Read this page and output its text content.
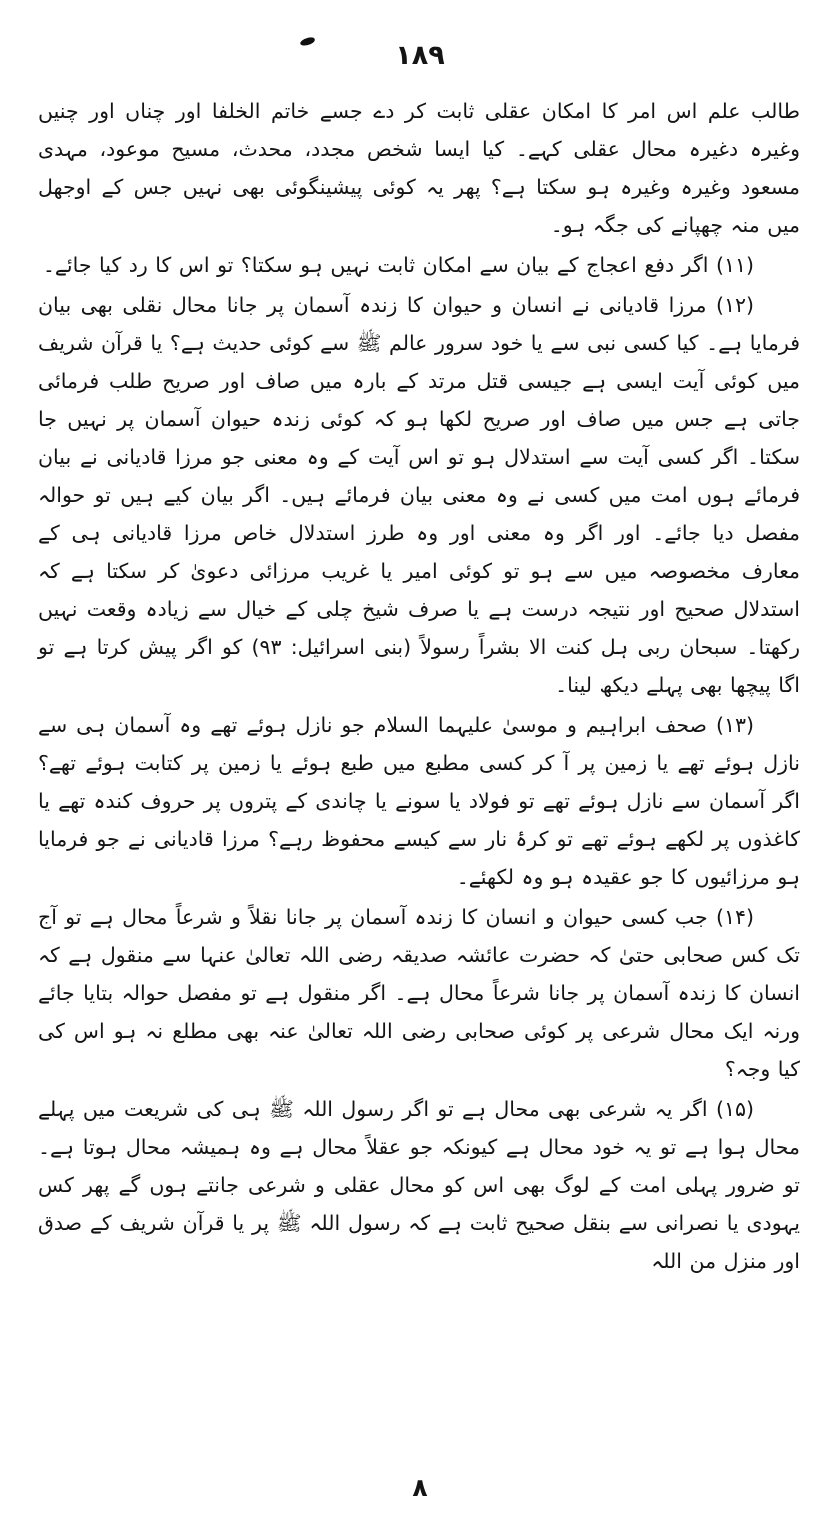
١٨٩
طالب علم اس امر کا امکان عقلی ثابت کر دے جسے خاتم الخلفا اور چناں اور چنیں وغیرہ دغیرہ محال عقلی کہے۔ کیا ایسا شخص مجدد، محدث، مسیح موعود، مہدی مسعود وغیرہ وغیرہ ہو سکتا ہے؟ پھر یہ کوئی پیشینگوئی بھی نہیں جس کے اوجھل میں منہ چھپانے کی جگہ ہو۔
(١١) اگر دفع اعجاج کے بیان سے امکان ثابت نہیں ہو سکتا؟ تو اس کا رد کیا جائے۔
(١٢) مرزا قادیانی نے انسان و حیوان کا زندہ آسمان پر جانا محال نقلی بھی بیان فرمایا ہے۔ کیا کسی نبی سے یا خود سرور عالم ﷺ سے کوئی حدیث ہے؟ یا قرآن شریف میں کوئی آیت ایسی ہے جیسی قتل مرتد کے بارہ میں صاف اور صریح طلب فرمائی جاتی ہے جس میں صاف اور صریح لکھا ہو کہ کوئی زندہ حیوان آسمان پر نہیں جا سکتا۔ اگر کسی آیت سے استدلال ہو تو اس آیت کے وہ معنی جو مرزا قادیانی نے بیان فرمائے ہوں امت میں کسی نے وہ معنی بیان فرمائے ہیں۔ اگر بیان کیے ہیں تو حوالہ مفصل دیا جائے۔ اور اگر وہ معنی اور وہ طرز استدلال خاص مرزا قادیانی ہی کے معارف مخصوصہ میں سے ہو تو کوئی امیر یا غریب مرزائی دعویٰ کر سکتا ہے کہ استدلال صحیح اور نتیجہ درست ہے یا صرف شیخ چلی کے خیال سے زیادہ وقعت نہیں رکھتا۔ سبحان ربی ہل کنت الا بشراً رسولاً (بنی اسرائیل: ٩٣) کو اگر پیش کرتا ہے تو اگا پیچھا بھی پہلے دیکھ لینا۔
(١٣) صحف ابراہیم و موسیٰ علیہما السلام جو نازل ہوئے تھے وہ آسمان ہی سے نازل ہوئے تھے یا زمین پر آ کر کسی مطبع میں طبع ہوئے یا زمین پر کتابت ہوئے تھے؟ اگر آسمان سے نازل ہوئے تھے تو فولاد یا سونے یا چاندی کے پتروں پر حروف کندہ تھے یا کاغذوں پر لکھے ہوئے تھے تو کرۂ نار سے کیسے محفوظ رہے؟ مرزا قادیانی نے جو فرمایا ہو مرزائیوں کا جو عقیدہ ہو وہ لکھئے۔
(١۴) جب کسی حیوان و انسان کا زندہ آسمان پر جانا نقلاً و شرعاً محال ہے تو آج تک کس صحابی حتیٰ کہ حضرت عائشہ صدیقہ رضی اللہ تعالیٰ عنہا سے منقول ہے کہ انسان کا زندہ آسمان پر جانا شرعاً محال ہے۔ اگر منقول ہے تو مفصل حوالہ بتایا جائے ورنہ ایک محال شرعی پر کوئی صحابی رضی اللہ تعالیٰ عنہ بھی مطلع نہ ہو اس کی کیا وجہ؟
(١۵) اگر یہ شرعی بھی محال ہے تو اگر رسول اللہ ﷺ ہی کی شریعت میں پہلے محال ہوا ہے تو یہ خود محال ہے کیونکہ جو عقلاً محال ہے وہ ہمیشہ محال ہوتا ہے۔ تو ضرور پہلی امت کے لوگ بھی اس کو محال عقلی و شرعی جانتے ہوں گے پھر کس یہودی یا نصرانی سے بنقل صحیح ثابت ہے کہ رسول اللہ ﷺ پر یا قرآن شریف کے صدق اور منزل من اللہ
٨
